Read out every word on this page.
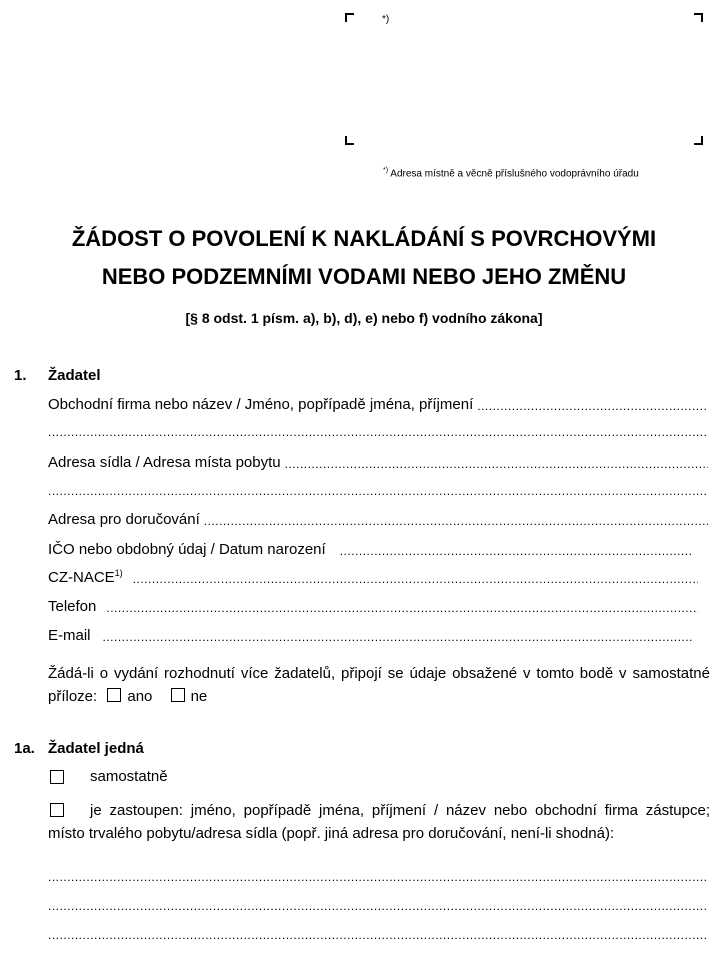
*)
*) Adresa místně a věcně příslušného vodoprávního úřadu
ŽÁDOST O POVOLENÍ K NAKLÁDÁNÍ S POVRCHOVÝMI
NEBO PODZEMNÍMI VODAMI NEBO JEHO ZMĚNU
[§ 8 odst. 1 písm. a), b), d), e) nebo f) vodního zákona]
1. Žadatel
Obchodní firma nebo název / Jméno, popřípadě jména, příjmení
.....
.....
Adresa sídla / Adresa místa pobytu
.....
.....
Adresa pro doručování
.....
IČO nebo obdobný údaj / Datum narození
.....
CZ-NACE$^{1)}$
.....
Telefon
.....
E-mail
.....
Žádá-li o vydání rozhodnutí více žadatelů, připojí se údaje obsažené v tomto bodě v samostatné příloze: ano	ne
1a. Žadatel jedná
samostatně
je zastoupen: jméno, popřípadě jména, příjmení / název nebo obchodní firma zástupce; místo trvalého pobytu/adresa sídla (popř. jiná adresa pro doručování, není-li shodná):
.....
.....
.....
